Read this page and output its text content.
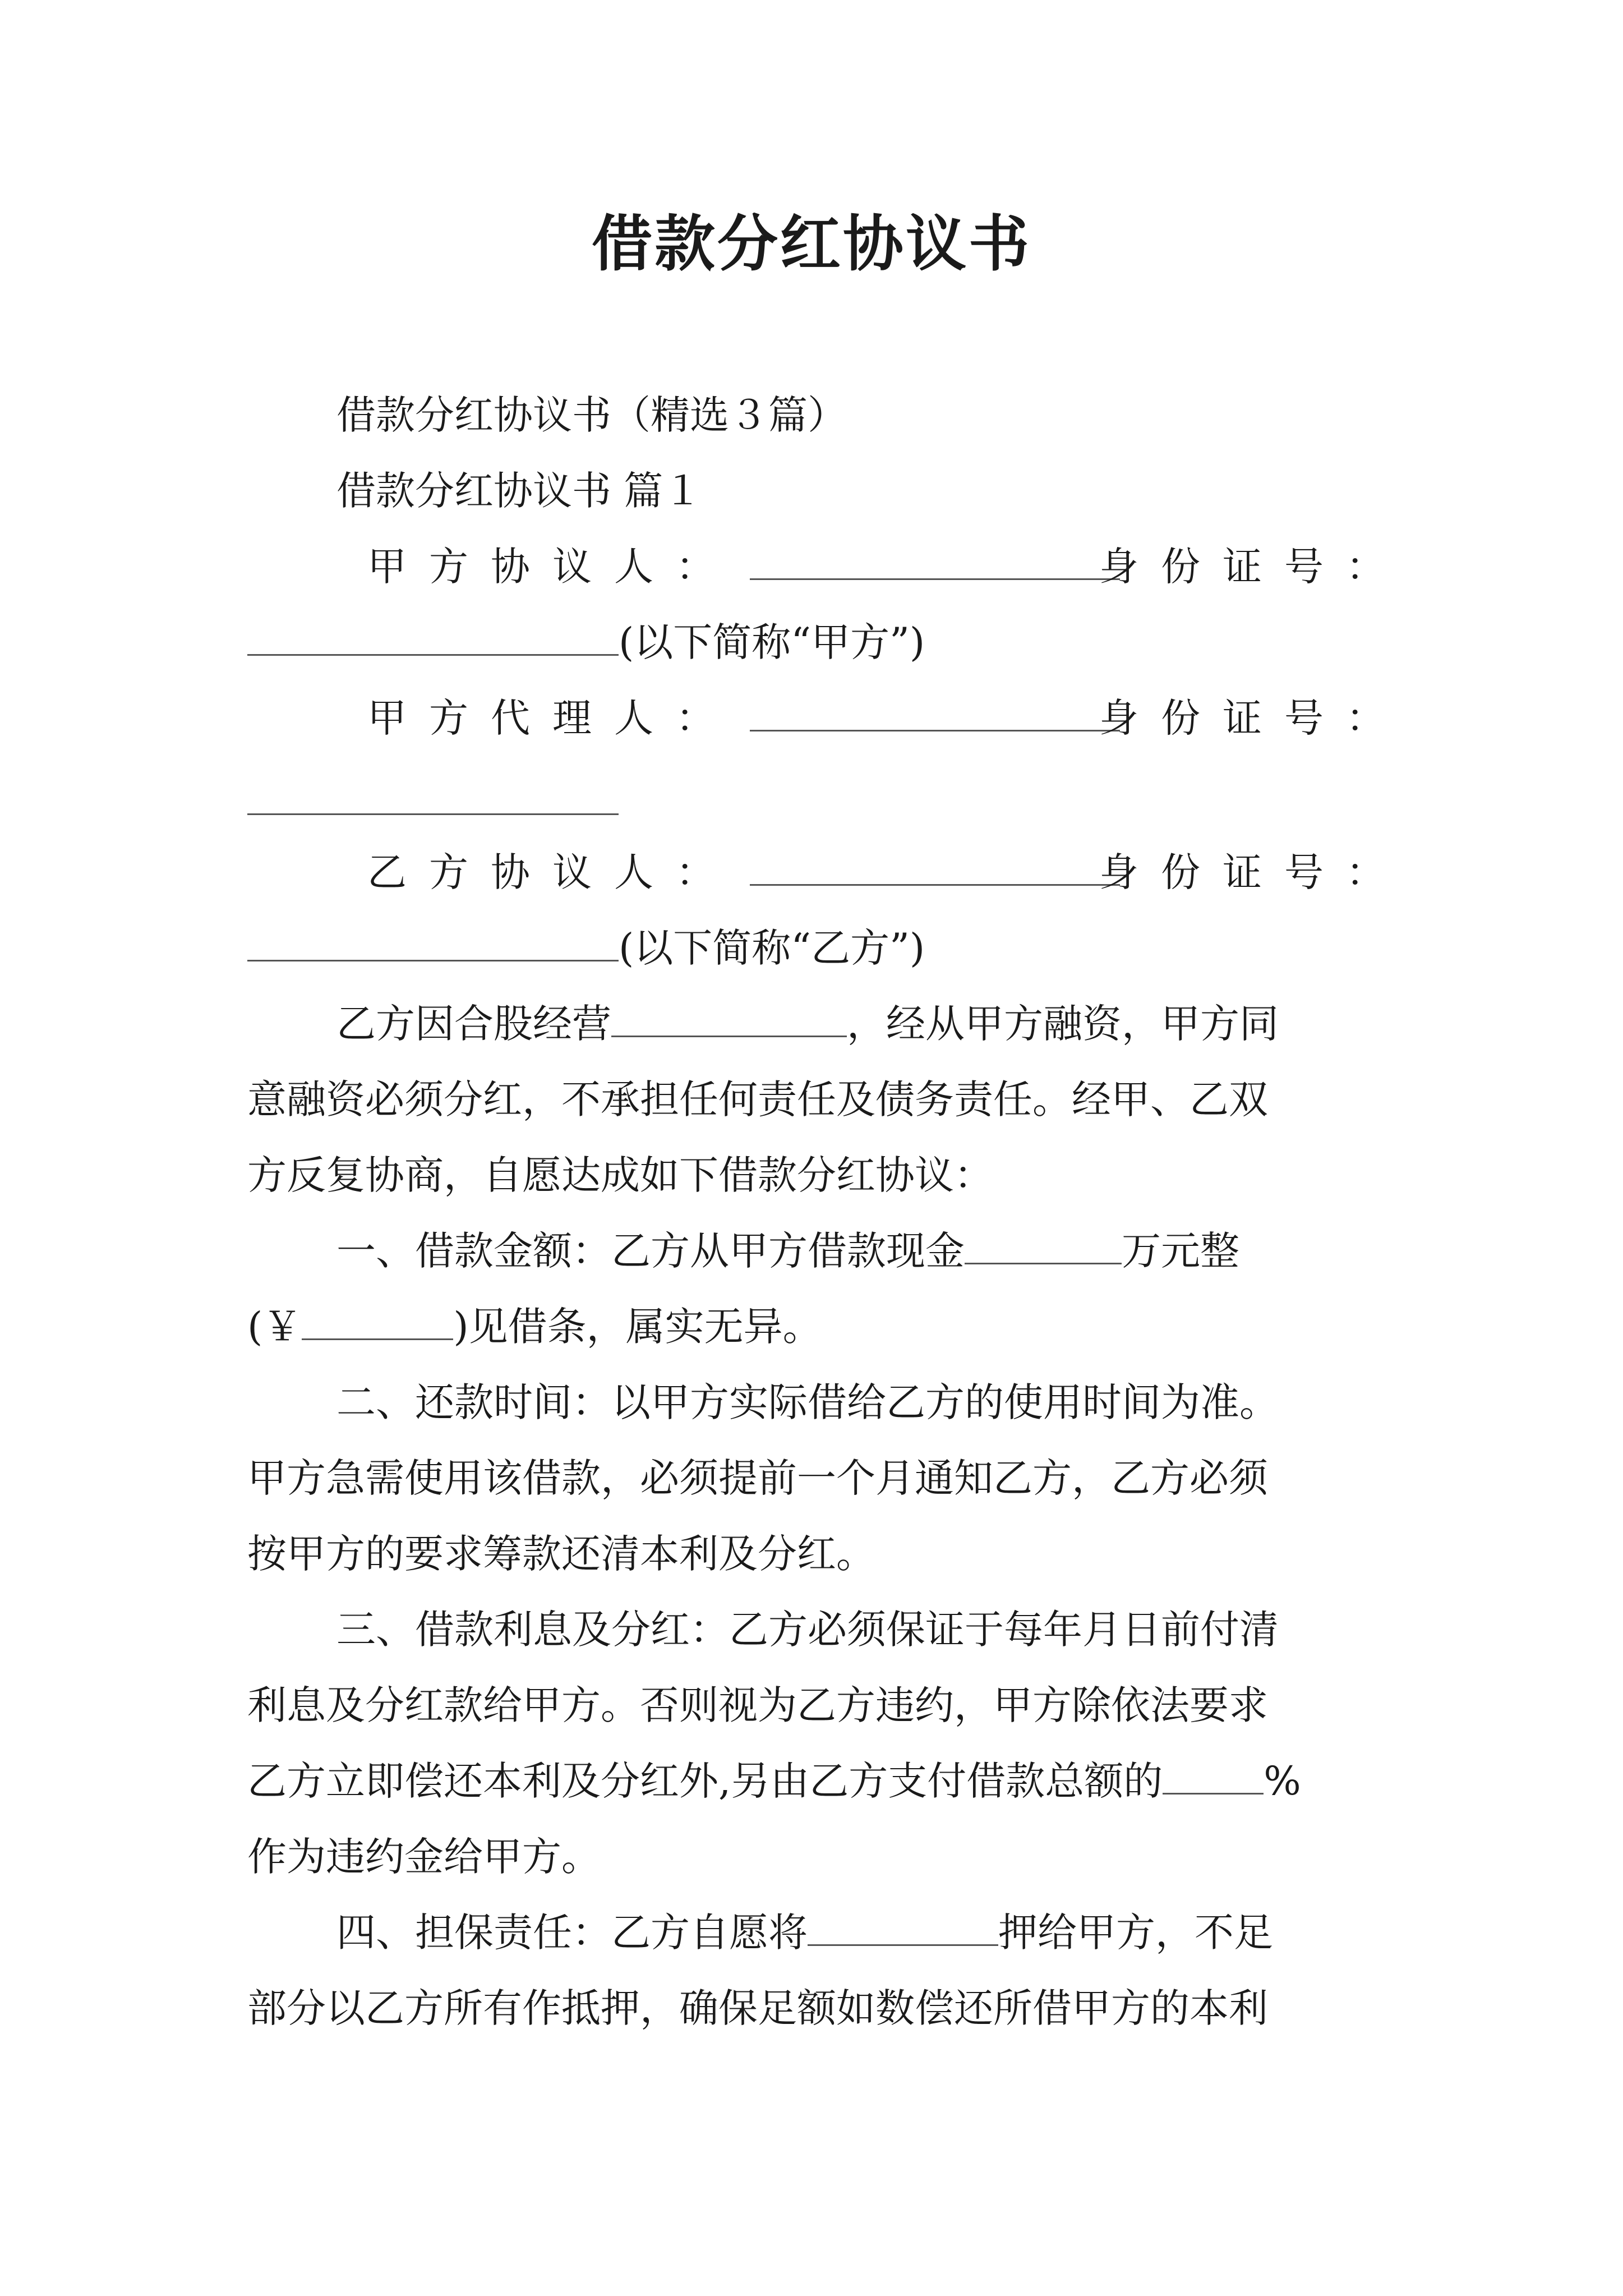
借款分红协议书
借款分红协议书（精选３篇）
借款分红协议书 篇１
甲方协议人：	身份证号：
(以下简称“甲方”)
甲方代理人：	身份证号：
乙方协议人：	身份证号：
(以下简称“乙方”)
乙方因合股经营	，经从甲方融资，甲方同
意融资必须分红，不承担任何责任及债务责任。经甲、乙双
方反复协商，自愿达成如下借款分红协议：
一、借款金额：乙方从甲方借款现金	万元整
(￥	)见借条，属实无异。
二、还款时间：以甲方实际借给乙方的使用时间为准。
甲方急需使用该借款，必须提前一个月通知乙方，乙方必须
按甲方的要求筹款还清本利及分红。
三、借款利息及分红：乙方必须保证于每年月日前付清
利息及分红款给甲方。否则视为乙方违约，甲方除依法要求
乙方立即偿还本利及分红外,另由乙方支付借款总额的	%
作为违约金给甲方。
四、担保责任：乙方自愿将	押给甲方，不足
部分以乙方所有作抵押，确保足额如数偿还所借甲方的本利
